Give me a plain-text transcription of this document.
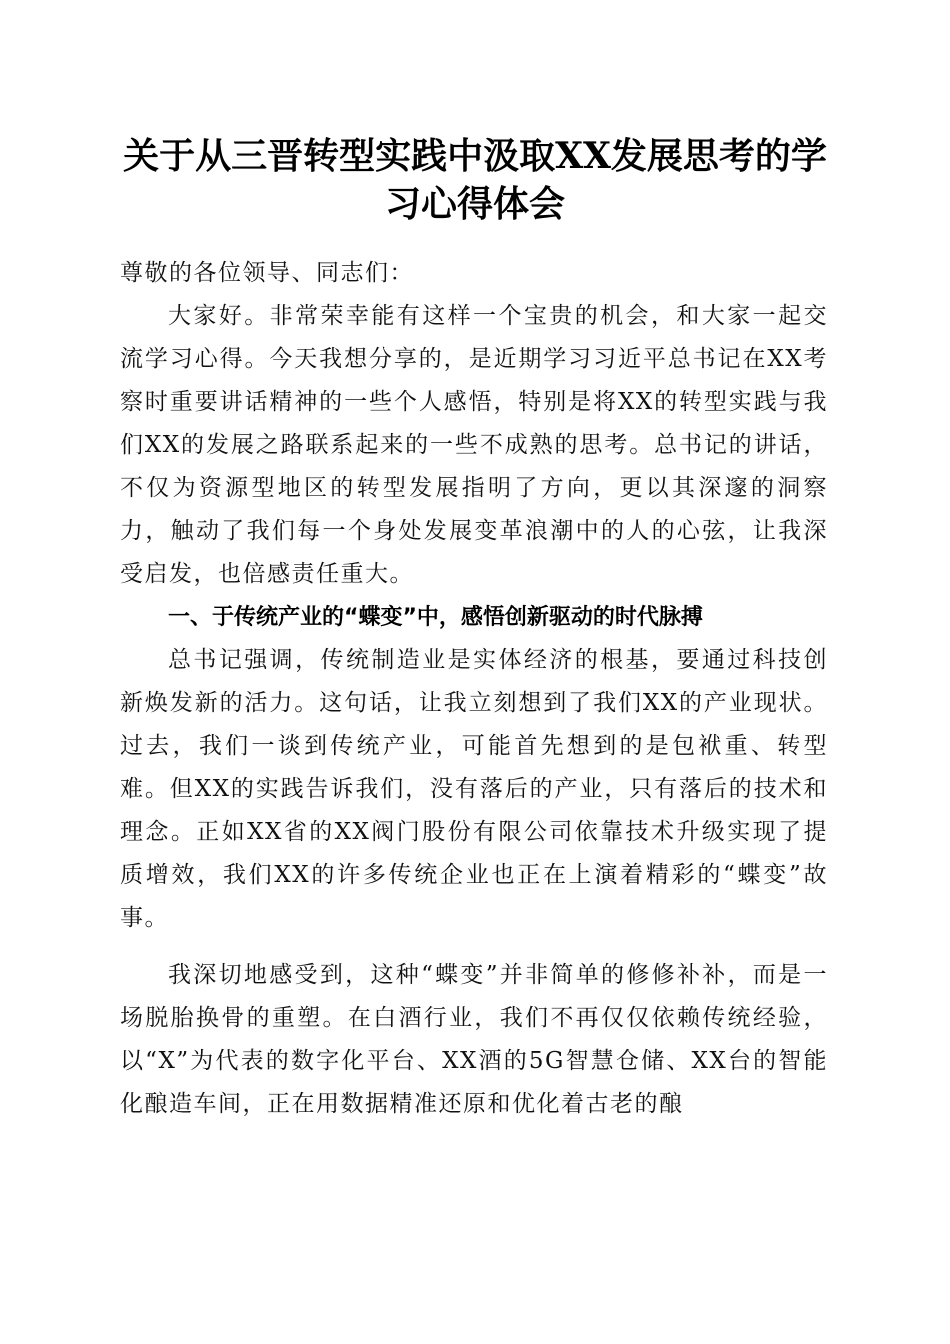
关于从三晋转型实践中汲取XX发展思考的学
习心得体会

尊敬的各位领导、同志们：

大家好。非常荣幸能有这样一个宝贵的机会，和大家一起交流学习心得。今天我想分享的，是近期学习习近平总书记在XX考察时重要讲话精神的一些个人感悟，特别是将XX的转型实践与我们XX的发展之路联系起来的一些不成熟的思考。总书记的讲话，不仅为资源型地区的转型发展指明了方向，更以其深邃的洞察力，触动了我们每一个身处发展变革浪潮中的人的心弦，让我深受启发，也倍感责任重大。

一、于传统产业的“蝶变”中，感悟创新驱动的时代脉搏

总书记强调，传统制造业是实体经济的根基，要通过科技创新焕发新的活力。这句话，让我立刻想到了我们XX的产业现状。过去，我们一谈到传统产业，可能首先想到的是包袱重、转型难。但XX的实践告诉我们，没有落后的产业，只有落后的技术和理念。正如XX省的XX阀门股份有限公司依靠技术升级实现了提质增效，我们XX的许多传统企业也正在上演着精彩的“蝶变”故事。

我深切地感受到，这种“蝶变”并非简单的修修补补，而是一场脱胎换骨的重塑。在白酒行业，我们不再仅仅依赖传统经验，以“X”为代表的数字化平台、XX酒的5G智慧仓储、XX台的智能化酿造车间，正在用数据精准还原和优化着古老的酿
